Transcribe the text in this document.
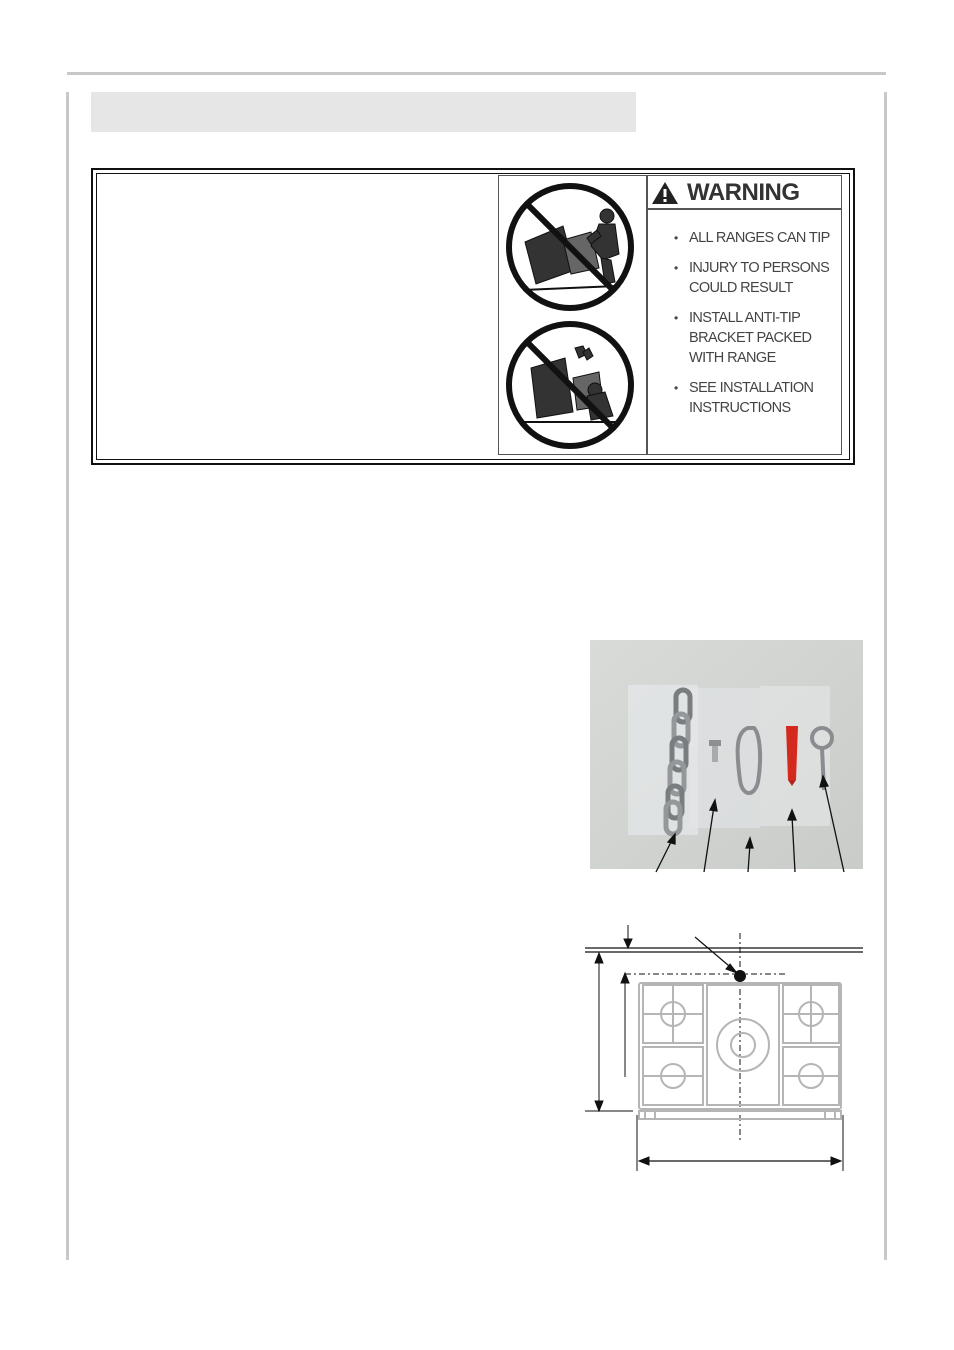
WARNING
• ALL RANGES CAN TIP
• INJURY TO PERSONS COULD RESULT
• INSTALL ANTI-TIP BRACKET PACKED WITH RANGE
• SEE INSTALLATION INSTRUCTIONS
